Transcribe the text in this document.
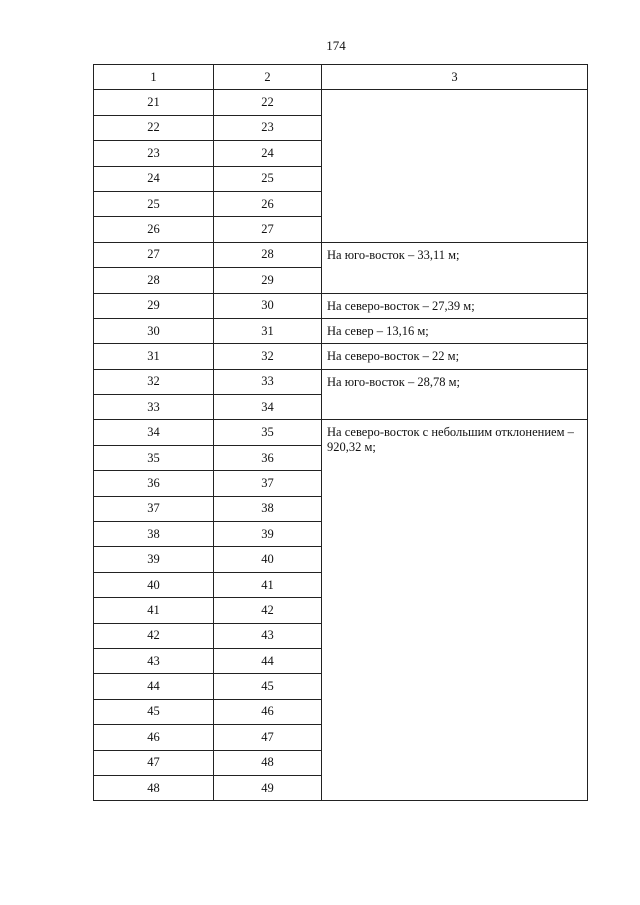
174
1	2	3
21	22	
22	23	
23	24	
24	25	
25	26	
26	27	
27	28	На юго-восток – 33,11 м;
28	29	
29	30	На северо-восток – 27,39 м;
30	31	На север – 13,16 м;
31	32	На северо-восток – 22 м;
32	33	На юго-восток – 28,78 м;
33	34	
34	35	На северо-восток с небольшим отклонением – 920,32 м;
35	36	
36	37	
37	38	
38	39	
39	40	
40	41	
41	42	
42	43	
43	44	
44	45	
45	46	
46	47	
47	48	
48	49	
